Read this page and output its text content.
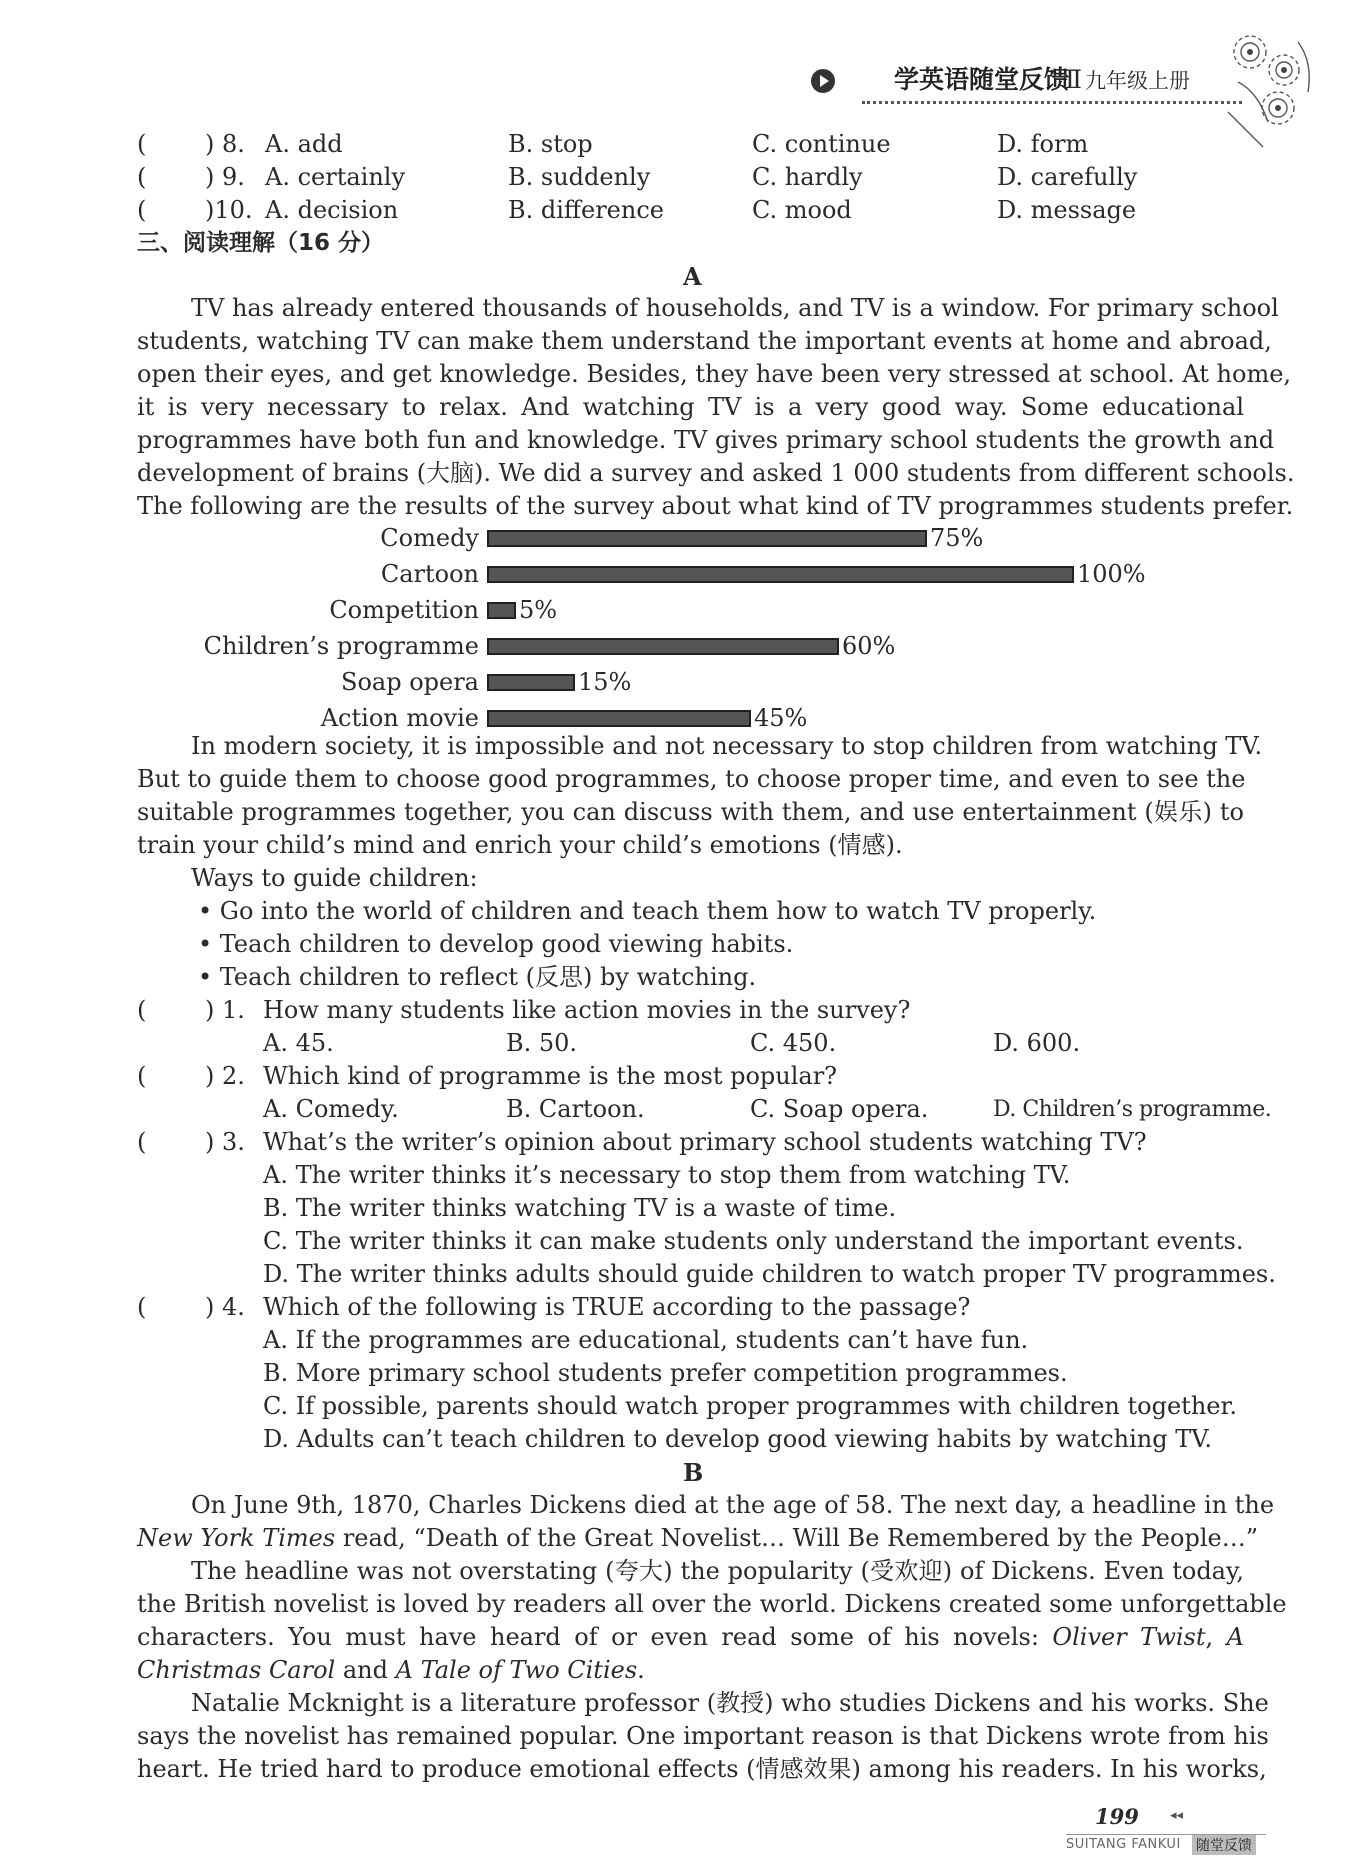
学英语随堂反馈
Ⅱ 九年级上册
( ) 8. A. add	B. stop	C. continue	D. form
( ) 9. A. certainly	B. suddenly	C. hardly	D. carefully
( )10. A. decision	B. difference	C. mood	D. message
三、阅读理解（16 分）
A
TV has already entered thousands of households, and TV is a window. For primary school
students, watching TV can make them understand the important events at home and abroad,
open their eyes, and get knowledge. Besides, they have been very stressed at school. At home,
it is very necessary to relax. And watching TV is a very good way. Some educational
programmes have both fun and knowledge. TV gives primary school students the growth and
development of brains (大脑). We did a survey and asked 1 000 students from different schools.
The following are the results of the survey about what kind of TV programmes students prefer.
Comedy	75%
Cartoon	100%
Competition 5%
Children’s programme	60%
Soap opera	15%
Action movie	45%
In modern society, it is impossible and not necessary to stop children from watching TV.
But to guide them to choose good programmes, to choose proper time, and even to see the
suitable programmes together, you can discuss with them, and use entertainment (娱乐) to
train your child’s mind and enrich your child’s emotions (情感).
Ways to guide children:
• Go into the world of children and teach them how to watch TV properly.
• Teach children to develop good viewing habits.
• Teach children to reflect (反思) by watching.
( ) 1. How many students like action movies in the survey?
A. 45.	B. 50.	C. 450.	D. 600.
( ) 2. Which kind of programme is the most popular?
A. Comedy.	B. Cartoon.	C. Soap opera.	D. Children’s programme.
( ) 3. What’s the writer’s opinion about primary school students watching TV?
A. The writer thinks it’s necessary to stop them from watching TV.
B. The writer thinks watching TV is a waste of time.
C. The writer thinks it can make students only understand the important events.
D. The writer thinks adults should guide children to watch proper TV programmes.
( ) 4. Which of the following is TRUE according to the passage?
A. If the programmes are educational, students can’t have fun.
B. More primary school students prefer competition programmes.
C. If possible, parents should watch proper programmes with children together.
D. Adults can’t teach children to develop good viewing habits by watching TV.
B
On June 9th, 1870, Charles Dickens died at the age of 58. The next day, a headline in the
New York Times read, “Death of the Great Novelist… Will Be Remembered by the People…”
The headline was not overstating (夸大) the popularity (受欢迎) of Dickens. Even today,
the British novelist is loved by readers all over the world. Dickens created some unforgettable
characters. You must have heard of or even read some of his novels: Oliver Twist, A
Christmas Carol and A Tale of Two Cities.
Natalie Mcknight is a literature professor (教授) who studies Dickens and his works. She
says the novelist has remained popular. One important reason is that Dickens wrote from his
heart. He tried hard to produce emotional effects (情感效果) among his readers. In his works,
199 ◂◂
SUITANG FANKUI 随堂反馈
